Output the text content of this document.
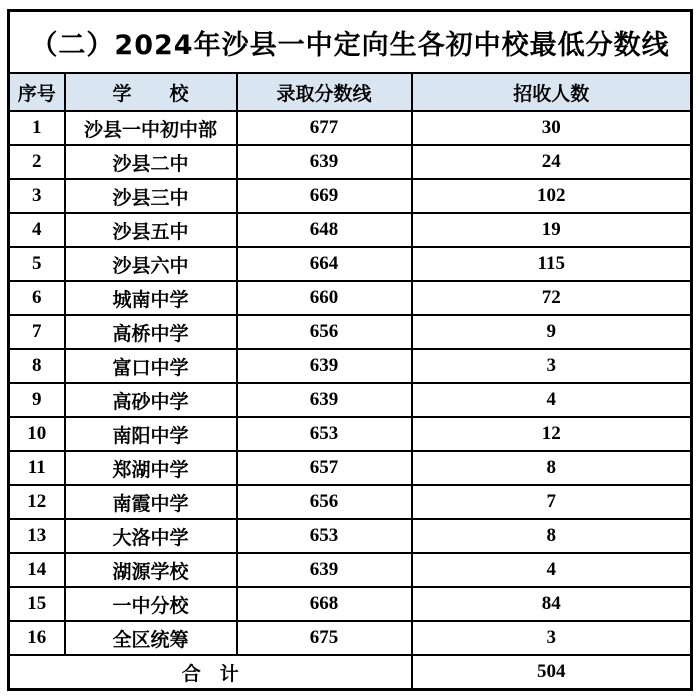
（二）2024年沙县一中定向生各初中校最低分数线			
序号	学　　校	录取分数线	招收人数
1	沙县一中初中部	677	30
2	沙县二中	639	24
3	沙县三中	669	102
4	沙县五中	648	19
5	沙县六中	664	115
6	城南中学	660	72
7	高桥中学	656	9
8	富口中学	639	3
9	高砂中学	639	4
10	南阳中学	653	12
11	郑湖中学	657	8
12	南霞中学	656	7
13	大洛中学	653	8
14	湖源学校	639	4
15	一中分校	668	84
16	全区统筹	675	3
合　计			504
